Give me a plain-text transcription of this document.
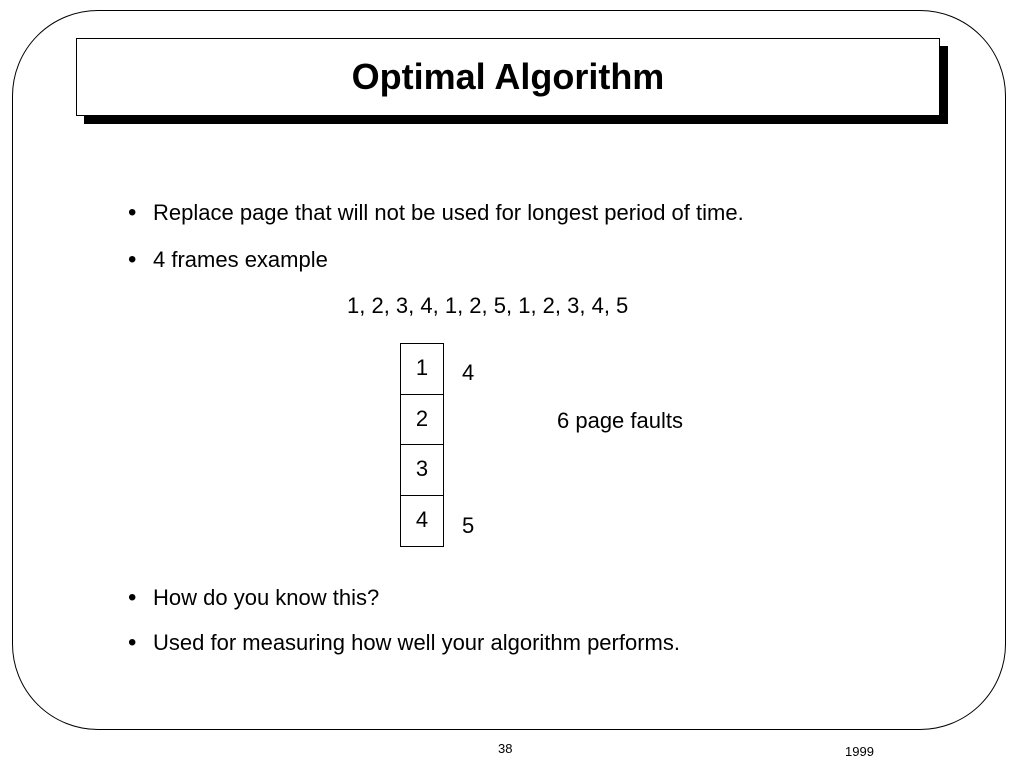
Optimal Algorithm
• Replace page that will not be used for longest period of time.
• 4 frames example
1, 2, 3, 4, 1, 2, 5, 1, 2, 3, 4, 5
1
2
3
4
4
5
6 page faults
• How do you know this?
• Used for measuring how well your algorithm performs.
38	1999
